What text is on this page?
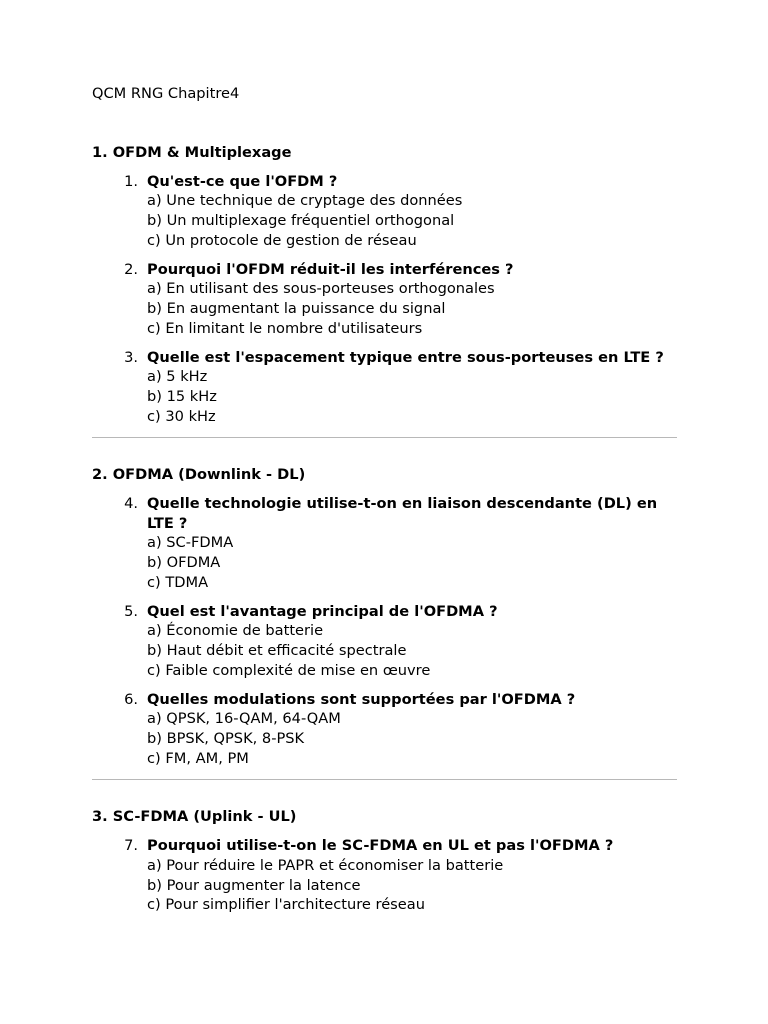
QCM RNG Chapitre4

1. OFDM & Multiplexage
1. Qu'est-ce que l'OFDM ?
a) Une technique de cryptage des données
b) Un multiplexage fréquentiel orthogonal
c) Un protocole de gestion de réseau
2. Pourquoi l'OFDM réduit-il les interférences ?
a) En utilisant des sous-porteuses orthogonales
b) En augmentant la puissance du signal
c) En limitant le nombre d'utilisateurs
3. Quelle est l'espacement typique entre sous-porteuses en LTE ?
a) 5 kHz
b) 15 kHz
c) 30 kHz
2. OFDMA (Downlink - DL)
4. Quelle technologie utilise-t-on en liaison descendante (DL) en LTE ?
a) SC-FDMA
b) OFDMA
c) TDMA
5. Quel est l'avantage principal de l'OFDMA ?
a) Économie de batterie
b) Haut débit et efficacité spectrale
c) Faible complexité de mise en œuvre
6. Quelles modulations sont supportées par l'OFDMA ?
a) QPSK, 16-QAM, 64-QAM
b) BPSK, QPSK, 8-PSK
c) FM, AM, PM
3. SC-FDMA (Uplink - UL)
7. Pourquoi utilise-t-on le SC-FDMA en UL et pas l'OFDMA ?
a) Pour réduire le PAPR et économiser la batterie
b) Pour augmenter la latence
c) Pour simplifier l'architecture réseau
